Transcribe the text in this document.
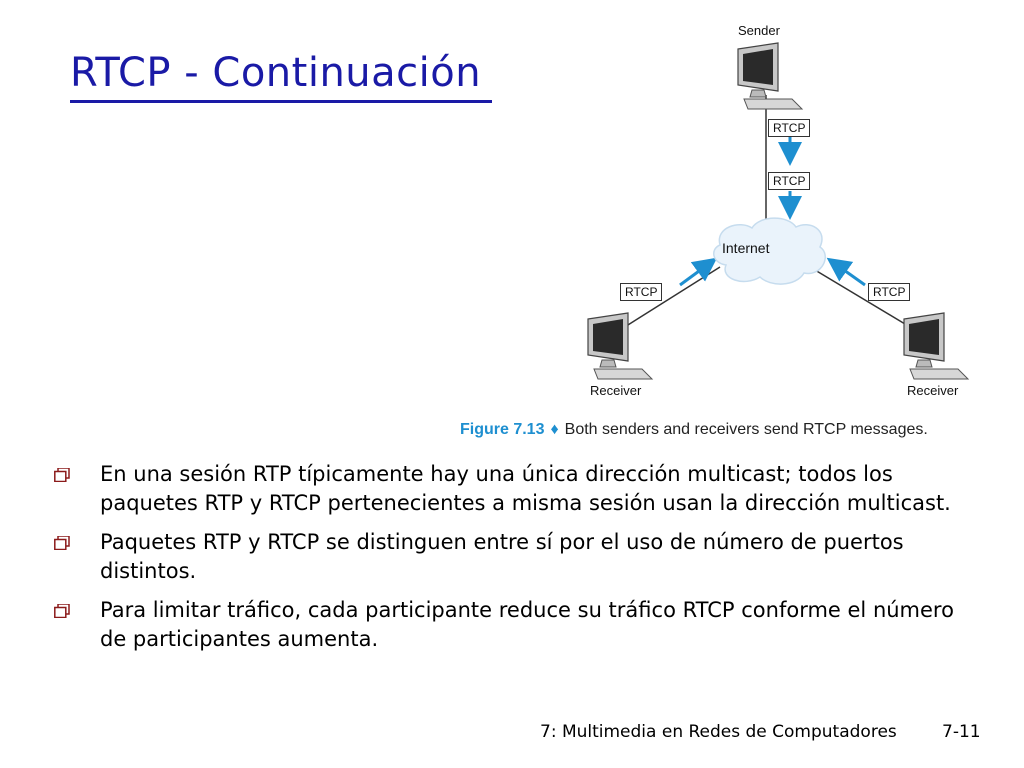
RTCP - Continuación
Sender
Internet
Receiver	Receiver
RTCP
RTCP
RTCP	RTCP
Figure 7.13 ♦ Both senders and receivers send RTCP messages.
En una sesión RTP típicamente hay una única dirección multicast; todos los paquetes RTP y RTCP pertenecientes a misma sesión usan la dirección multicast.
Paquetes RTP y RTCP se distinguen entre sí por el uso de número de puertos distintos.
Para limitar tráfico, cada participante reduce su tráfico RTCP conforme el número de participantes aumenta.
7: Multimedia en Redes de Computadores	7-11
